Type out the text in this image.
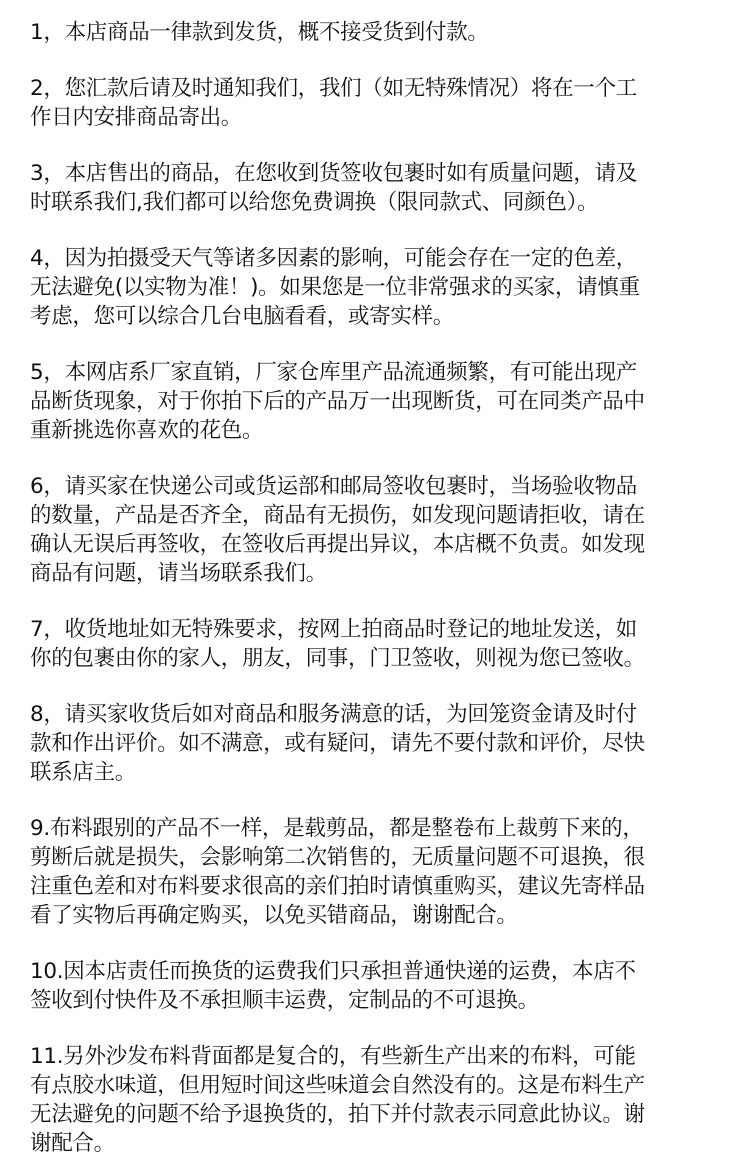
1，本店商品一律款到发货，概不接受货到付款。
2，您汇款后请及时通知我们，我们（如无特殊情况）将在一个工
作日内安排商品寄出。
3，本店售出的商品，在您收到货签收包裹时如有质量问题，请及
时联系我们,我们都可以给您免费调换（限同款式、同颜色）。
4，因为拍摄受天气等诸多因素的影响，可能会存在一定的色差，
无法避免(以实物为准！)。如果您是一位非常强求的买家，请慎重
考虑，您可以综合几台电脑看看，或寄实样。
5，本网店系厂家直销，厂家仓库里产品流通频繁，有可能出现产
品断货现象，对于你拍下后的产品万一出现断货，可在同类产品中
重新挑选你喜欢的花色。
6，请买家在快递公司或货运部和邮局签收包裹时，当场验收物品
的数量，产品是否齐全，商品有无损伤，如发现问题请拒收，请在
确认无误后再签收，在签收后再提出异议，本店概不负责。如发现
商品有问题，请当场联系我们。
7，收货地址如无特殊要求，按网上拍商品时登记的地址发送，如
你的包裹由你的家人，朋友，同事，门卫签收，则视为您已签收。
8，请买家收货后如对商品和服务满意的话，为回笼资金请及时付
款和作出评价。如不满意，或有疑问，请先不要付款和评价，尽快
联系店主。
9.布料跟别的产品不一样，是载剪品，都是整卷布上裁剪下来的，
剪断后就是损失，会影响第二次销售的，无质量问题不可退换，很
注重色差和对布料要求很高的亲们拍时请慎重购买，建议先寄样品
看了实物后再确定购买，以免买错商品，谢谢配合。
10.因本店责任而换货的运费我们只承担普通快递的运费，本店不
签收到付快件及不承担顺丰运费，定制品的不可退换。
11.另外沙发布料背面都是复合的，有些新生产出来的布料，可能
有点胶水味道，但用短时间这些味道会自然没有的。这是布料生产
无法避免的问题不给予退换货的，拍下并付款表示同意此协议。谢
谢配合。
